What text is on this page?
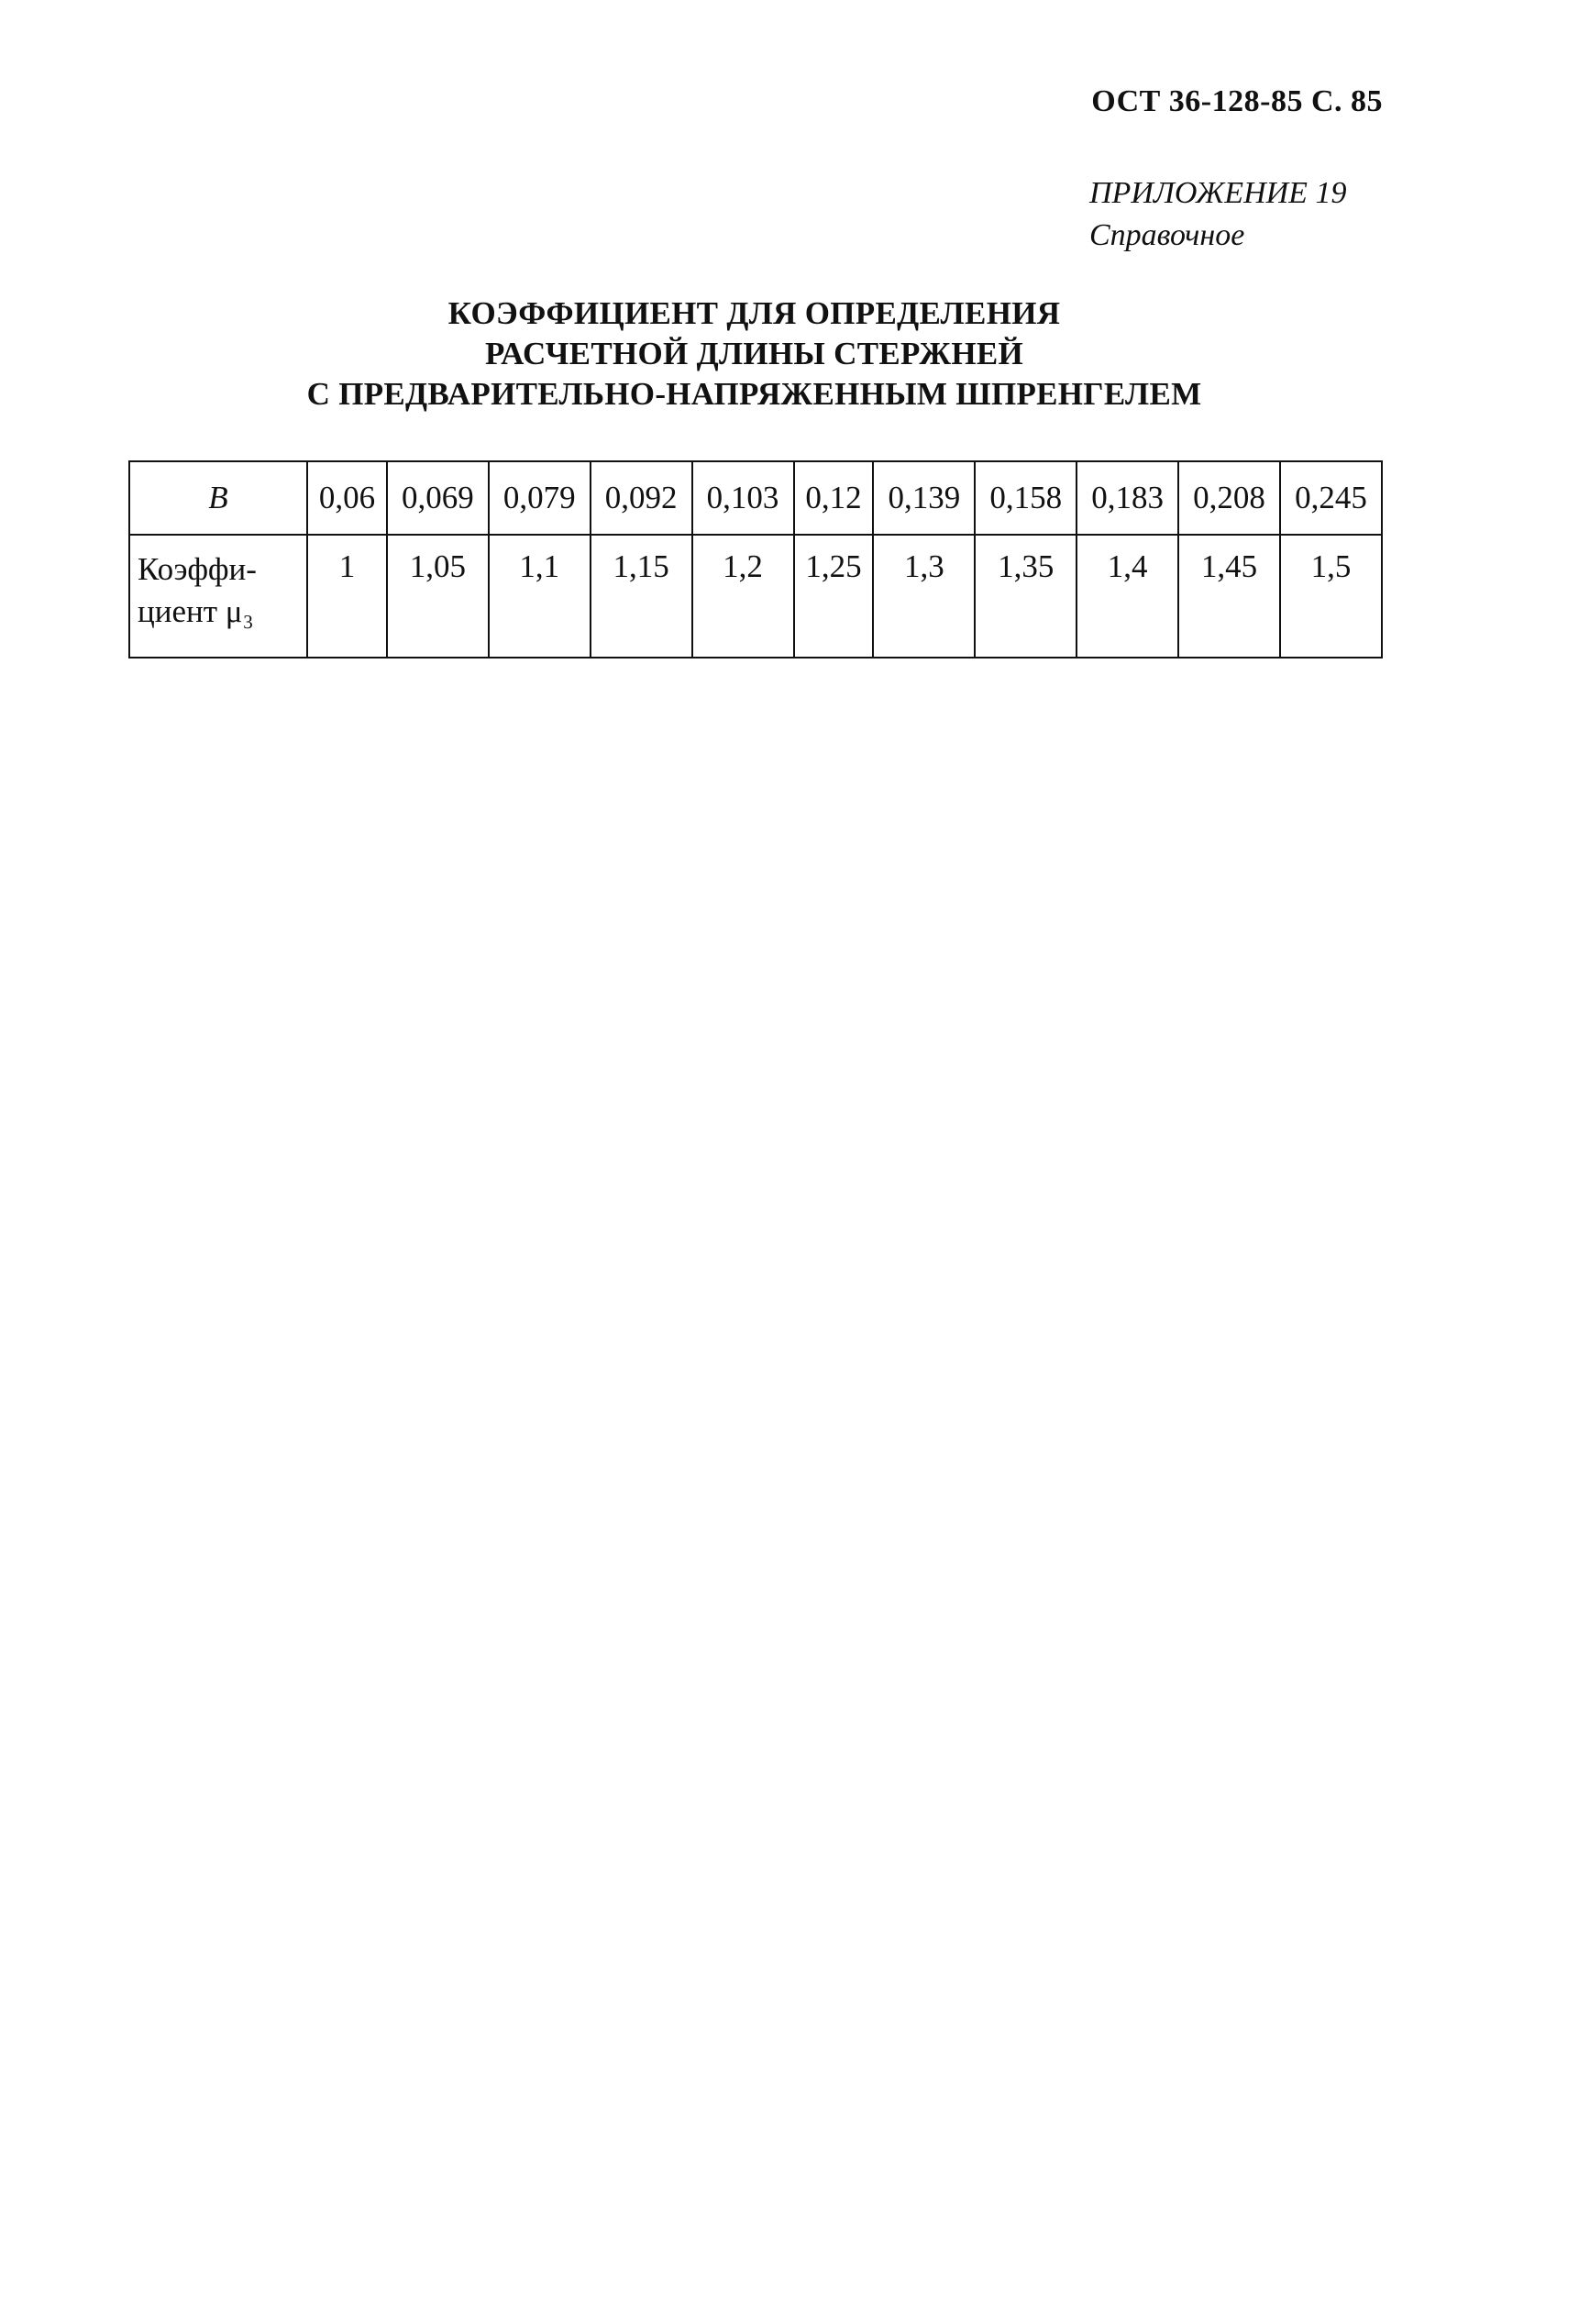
ОСТ 36-128-85 С. 85
ПРИЛОЖЕНИЕ 19
Справочное
КОЭФФИЦИЕНТ ДЛЯ ОПРЕДЕЛЕНИЯ
РАСЧЕТНОЙ ДЛИНЫ СТЕРЖНЕЙ
С ПРЕДВАРИТЕЛЬНО-НАПРЯЖЕННЫМ ШПРЕНГЕЛЕМ
B	0,06	0,069	0,079	0,092	0,103	0,12	0,139	0,158	0,183	0,208	0,245

Коэффи-
циент μ₃	1	1,05	1,1	1,15	1,2	1,25	1,3	1,35	1,4	1,45	1,5
